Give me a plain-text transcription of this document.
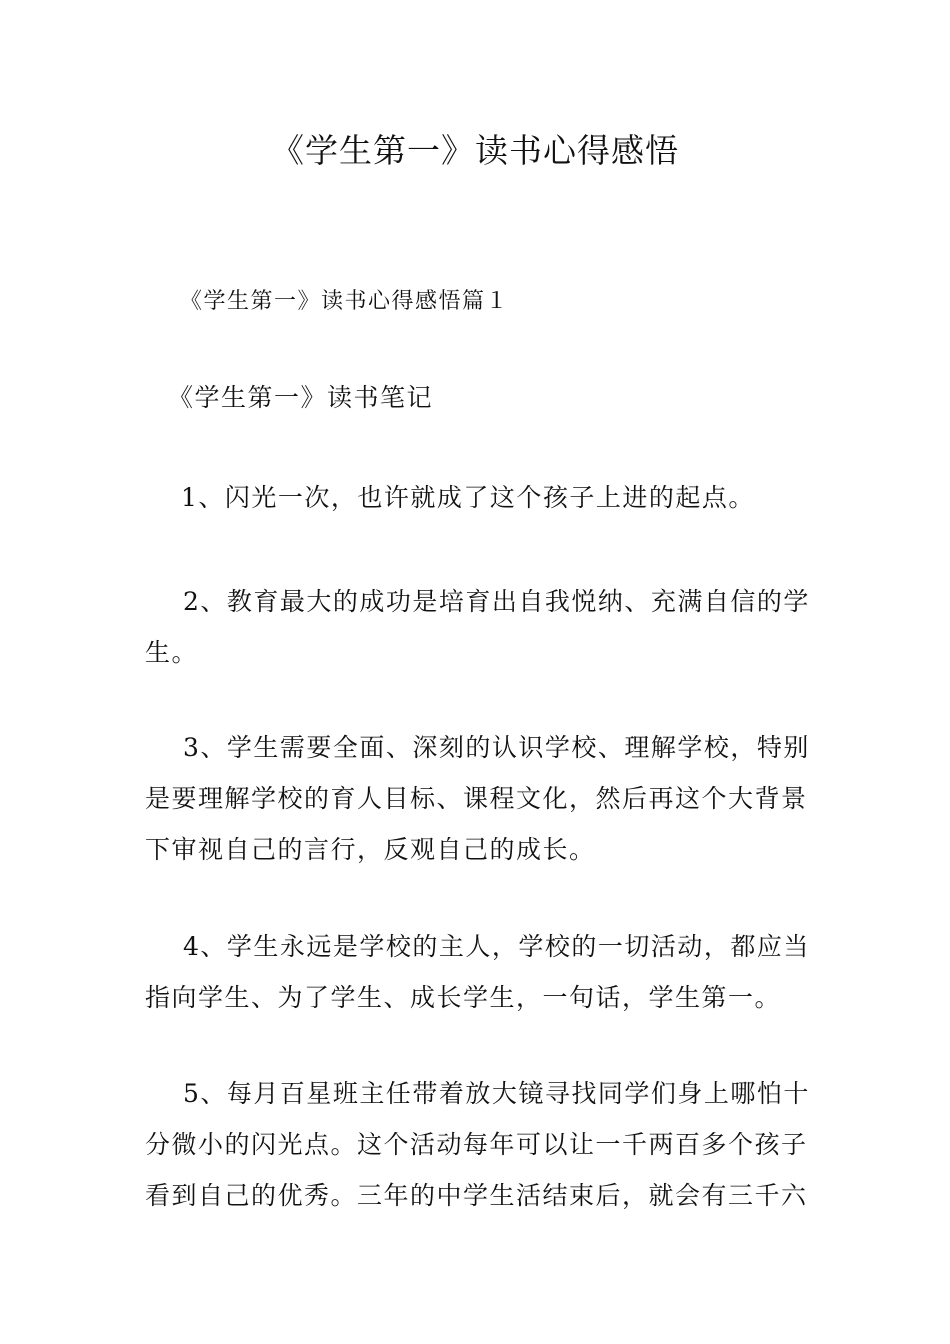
《学生第一》读书心得感悟

《学生第一》读书心得感悟篇１

《学生第一》读书笔记

1、闪光一次，也许就成了这个孩子上进的起点。

2、教育最大的成功是培育出自我悦纳、充满自信的学生。

3、学生需要全面、深刻的认识学校、理解学校，特别是要理解学校的育人目标、课程文化，然后再这个大背景下审视自己的言行，反观自己的成长。

4、学生永远是学校的主人，学校的一切活动，都应当指向学生、为了学生、成长学生，一句话，学生第一。

5、每月百星班主任带着放大镜寻找同学们身上哪怕十分微小的闪光点。这个活动每年可以让一千两百多个孩子看到自己的优秀。三年的中学生活结束后，就会有三千六
